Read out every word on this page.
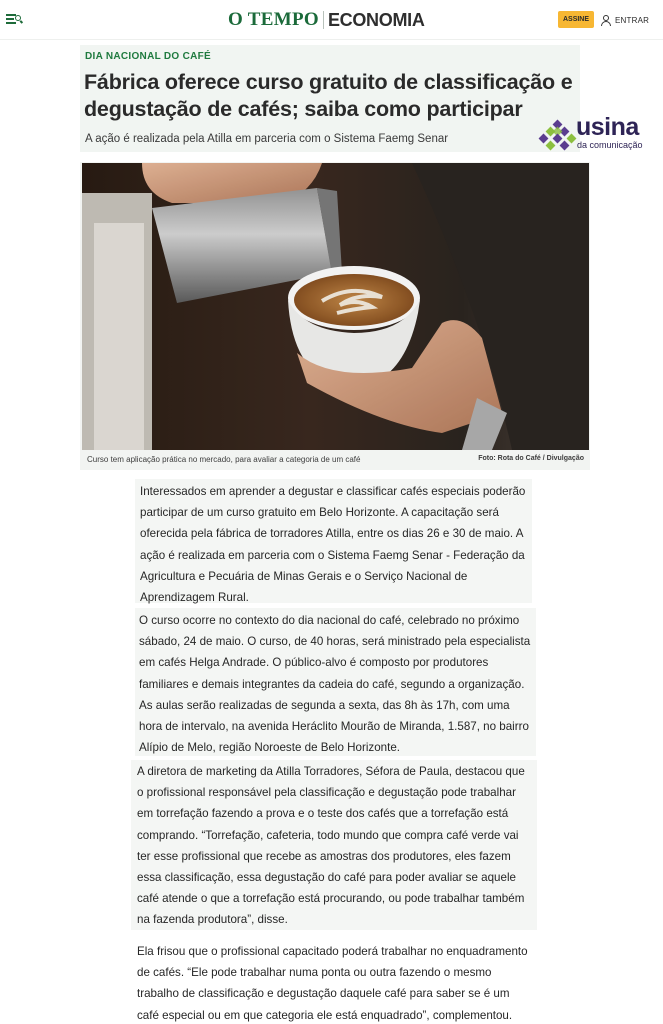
O TEMPO ECONOMIA	ASSINE	ENTRAR
DIA NACIONAL DO CAFÉ
Fábrica oferece curso gratuito de classificação e degustação de cafés; saiba como participar
A ação é realizada pela Atilla em parceria com o Sistema Faemg Senar	usina
da comunicação
Curso tem aplicação prática no mercado, para avaliar a categoria de um café	Foto: Rota do Café / Divulgação

Interessados em aprender a degustar e classificar cafés especiais poderão participar de um curso gratuito em Belo Horizonte. A capacitação será oferecida pela fábrica de torradores Atilla, entre os dias 26 e 30 de maio. A ação é realizada em parceria com o Sistema Faemg Senar - Federação da Agricultura e Pecuária de Minas Gerais e o Serviço Nacional de Aprendizagem Rural.

O curso ocorre no contexto do dia nacional do café, celebrado no próximo sábado, 24 de maio. O curso, de 40 horas, será ministrado pela especialista em cafés Helga Andrade. O público-alvo é composto por produtores familiares e demais integrantes da cadeia do café, segundo a organização. As aulas serão realizadas de segunda a sexta, das 8h às 17h, com uma hora de intervalo, na avenida Heráclito Mourão de Miranda, 1.587, no bairro Alípio de Melo, região Noroeste de Belo Horizonte.

A diretora de marketing da Atilla Torradores, Séfora de Paula, destacou que o profissional responsável pela classificação e degustação pode trabalhar em torrefação fazendo a prova e o teste dos cafés que a torrefação está comprando. “Torrefação, cafeteria, todo mundo que compra café verde vai ter esse profissional que recebe as amostras dos produtores, eles fazem essa classificação, essa degustação do café para poder avaliar se aquele café atende o que a torrefação está procurando, ou pode trabalhar também na fazenda produtora”, disse.

Ela frisou que o profissional capacitado poderá trabalhar no enquadramento de cafés. “Ele pode trabalhar numa ponta ou outra fazendo o mesmo trabalho de classificação e degustação daquele café para saber se é um café especial ou em que categoria ele está enquadrado”, complementou.
